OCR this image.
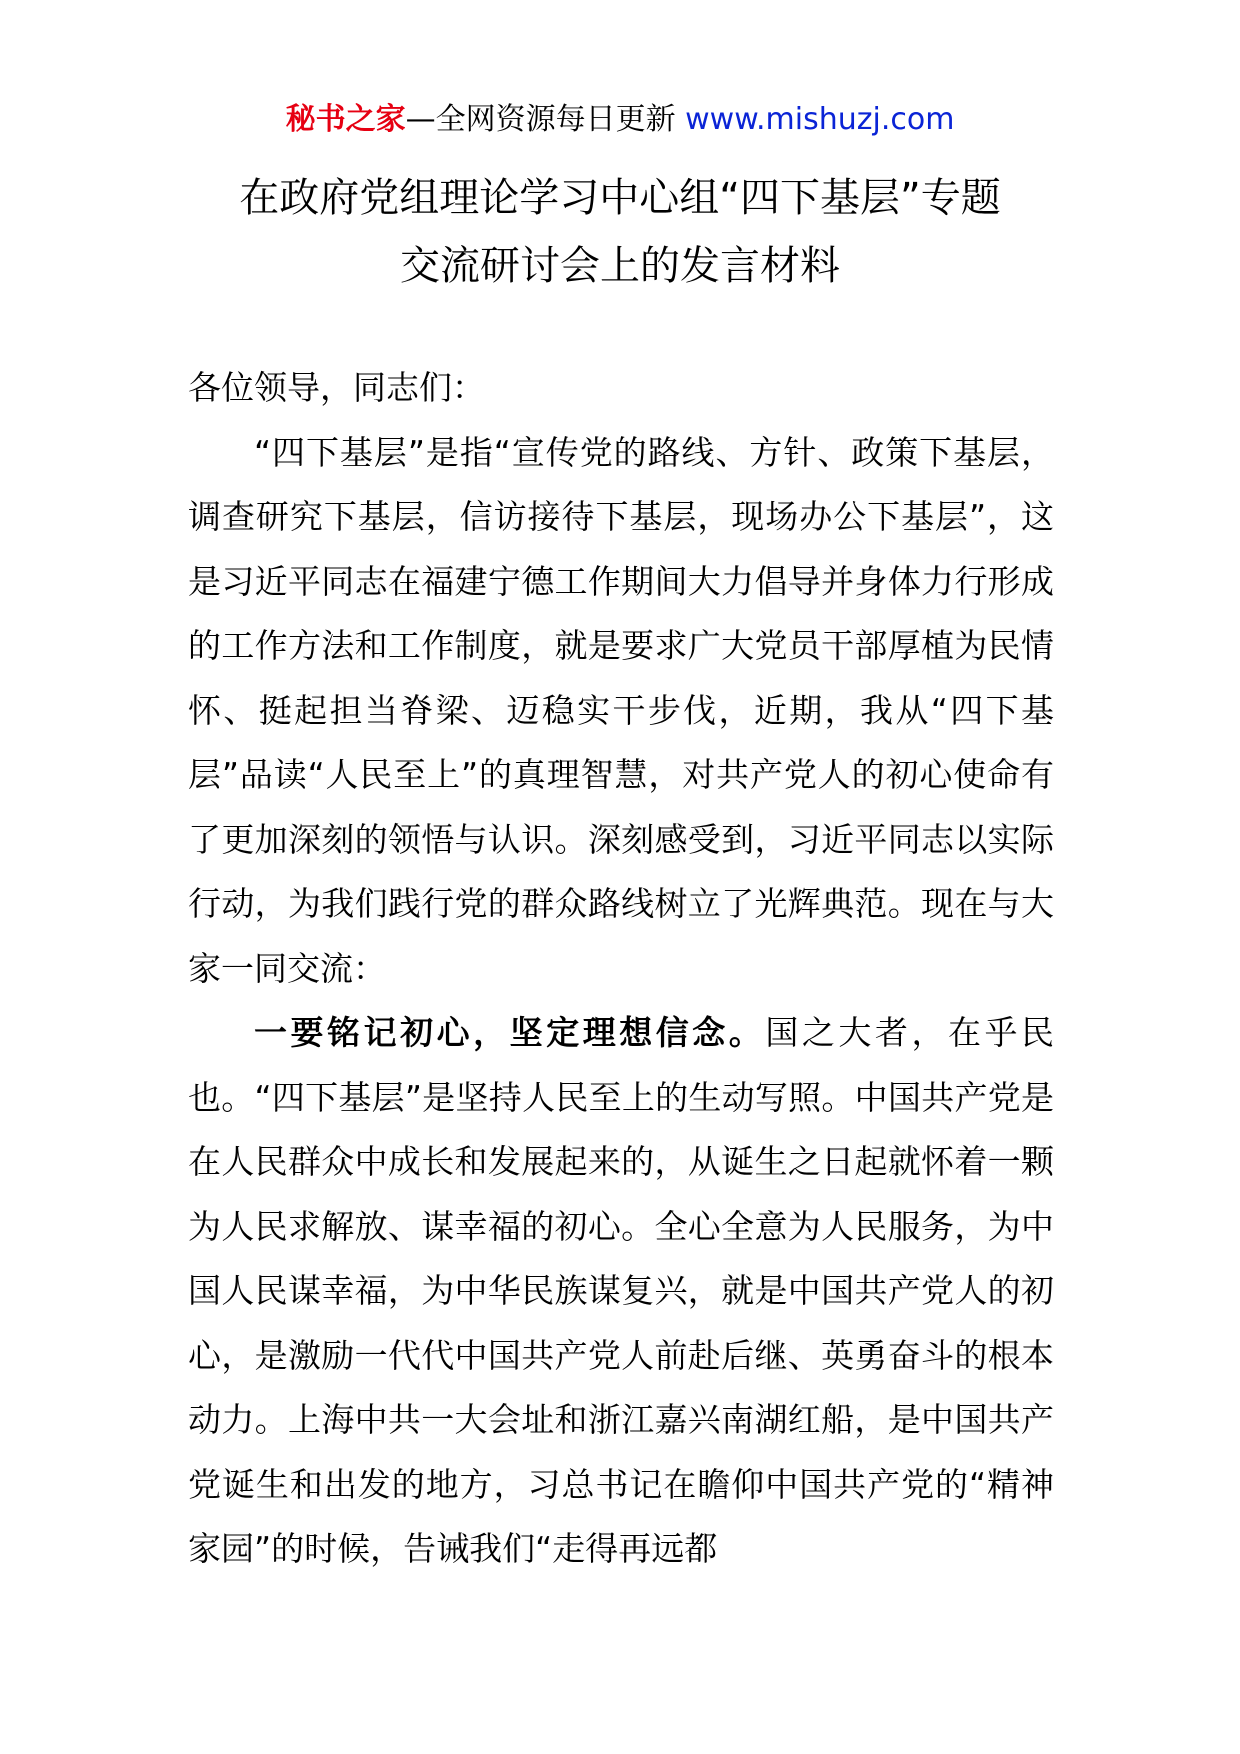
秘书之家—全网资源每日更新 www.mishuzj.com
在政府党组理论学习中心组“四下基层”专题
交流研讨会上的发言材料

各位领导，同志们：

“四下基层”是指“宣传党的路线、方针、政策下基层，调查研究下基层，信访接待下基层，现场办公下基层”，这是习近平同志在福建宁德工作期间大力倡导并身体力行形成的工作方法和工作制度，就是要求广大党员干部厚植为民情怀、挺起担当脊梁、迈稳实干步伐，近期，我从“四下基层”品读“人民至上”的真理智慧，对共产党人的初心使命有了更加深刻的领悟与认识。深刻感受到，习近平同志以实际行动，为我们践行党的群众路线树立了光辉典范。现在与大家一同交流：

一要铭记初心，坚定理想信念。国之大者，在乎民也。“四下基层”是坚持人民至上的生动写照。中国共产党是在人民群众中成长和发展起来的，从诞生之日起就怀着一颗为人民求解放、谋幸福的初心。全心全意为人民服务，为中国人民谋幸福，为中华民族谋复兴，就是中国共产党人的初心，是激励一代代中国共产党人前赴后继、英勇奋斗的根本动力。上海中共一大会址和浙江嘉兴南湖红船，是中国共产党诞生和出发的地方，习总书记在瞻仰中国共产党的“精神家园”的时候，告诫我们“走得再远都
